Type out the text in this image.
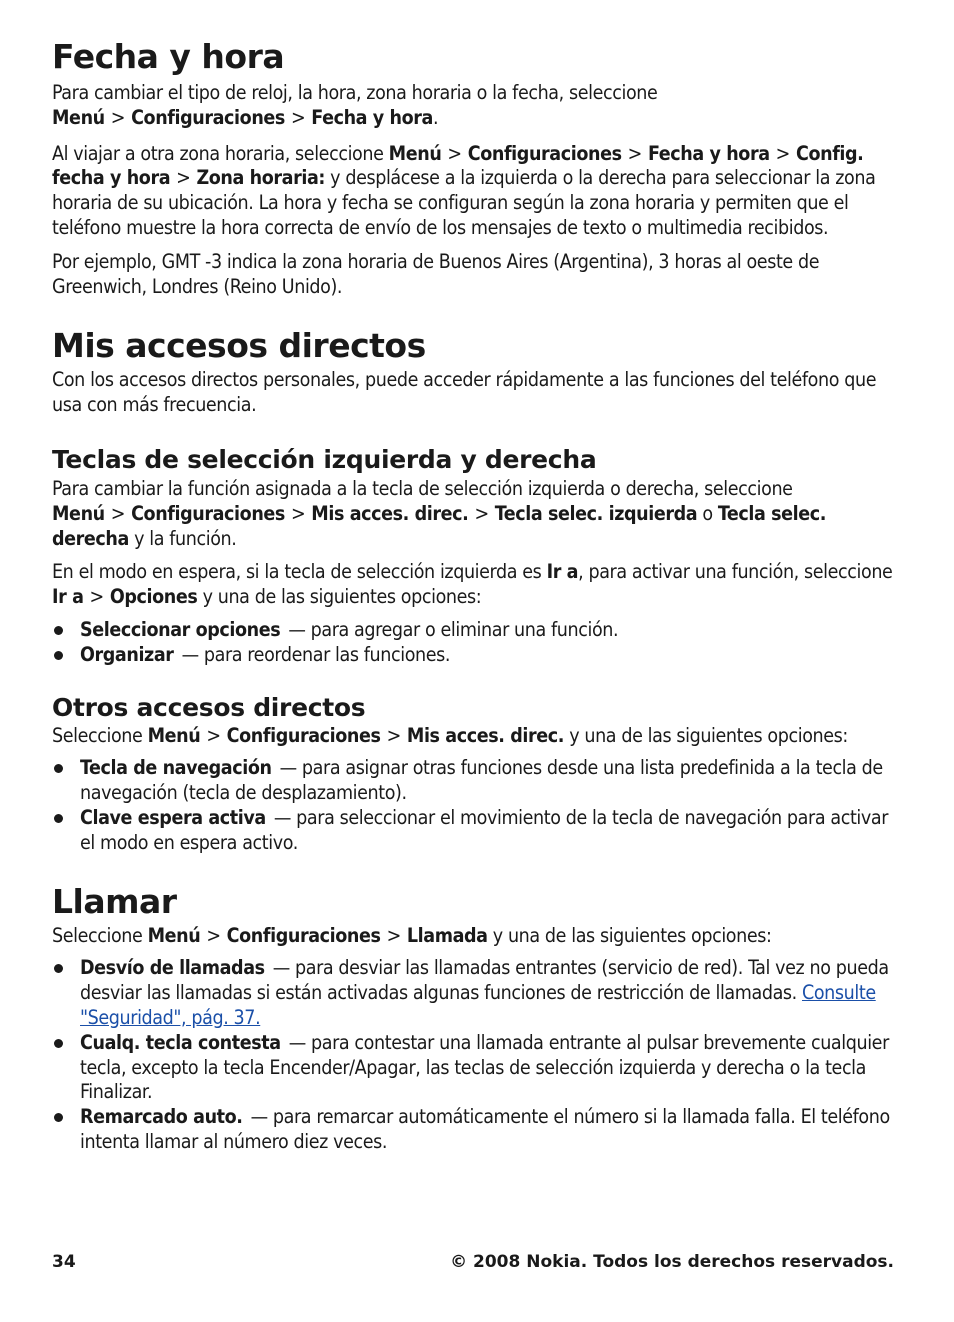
Fecha y hora

Para cambiar el tipo de reloj, la hora, zona horaria o la fecha, seleccione Menú > Configuraciones > Fecha y hora.

Al viajar a otra zona horaria, seleccione Menú > Configuraciones > Fecha y hora > Config. fecha y hora > Zona horaria: y desplácese a la izquierda o la derecha para seleccionar la zona horaria de su ubicación. La hora y fecha se configuran según la zona horaria y permiten que el teléfono muestre la hora correcta de envío de los mensajes de texto o multimedia recibidos.

Por ejemplo, GMT -3 indica la zona horaria de Buenos Aires (Argentina), 3 horas al oeste de Greenwich, Londres (Reino Unido).

Mis accesos directos

Con los accesos directos personales, puede acceder rápidamente a las funciones del teléfono que usa con más frecuencia.

Teclas de selección izquierda y derecha

Para cambiar la función asignada a la tecla de selección izquierda o derecha, seleccione Menú > Configuraciones > Mis acces. direc. > Tecla selec. izquierda o Tecla selec. derecha y la función.

En el modo en espera, si la tecla de selección izquierda es Ir a, para activar una función, seleccione Ir a > Opciones y una de las siguientes opciones:

Seleccionar opciones — para agregar o eliminar una función.
Organizar — para reordenar las funciones.
Otros accesos directos

Seleccione Menú > Configuraciones > Mis acces. direc. y una de las siguientes opciones:

Tecla de navegación — para asignar otras funciones desde una lista predefinida a la tecla de navegación (tecla de desplazamiento).
Clave espera activa — para seleccionar el movimiento de la tecla de navegación para activar el modo en espera activo.
Llamar

Seleccione Menú > Configuraciones > Llamada y una de las siguientes opciones:

Desvío de llamadas — para desviar las llamadas entrantes (servicio de red). Tal vez no pueda desviar las llamadas si están activadas algunas funciones de restricción de llamadas. Consulte "Seguridad", pág. 37.
Cualq. tecla contesta — para contestar una llamada entrante al pulsar brevemente cualquier tecla, excepto la tecla Encender/Apagar, las teclas de selección izquierda y derecha o la tecla Finalizar.
Remarcado auto. — para remarcar automáticamente el número si la llamada falla. El teléfono intenta llamar al número diez veces.
34	© 2008 Nokia. Todos los derechos reservados.
